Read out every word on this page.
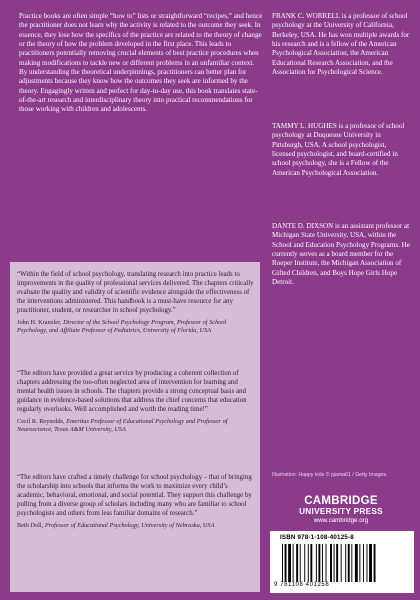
Practice books are often simple “how to” lists or straightforward “recipes,” and hence the practitioner does not learn why the activity is related to the outcome they seek. In essence, they lose how the specifics of the practice are related to the theory of change or the theory of how the problem developed in the first place. This leads to practitioners potentially removing crucial elements of best practice procedures when making modifications to tackle new or different problems in an unfamiliar context. By understanding the theoretical underpinnings, practitioners can better plan for adjustments because they know how the outcomes they seek are informed by the theory. Engagingly written and perfect for day-to-day use, this book translates state-of-the-art research and interdisciplinary theory into practical recommendations for those working with children and adolescents.
“Within the field of school psychology, translating research into practice leads to improvements in the quality of professional services delivered. The chapters critically evaluate the quality and validity of scientific evidence alongside the effectiveness of the interventions administered. This handbook is a must-have resource for any practitioner, student, or researcher in school psychology.”
John H. Kranzler, Director of the School Psychology Program, Professor of School Psychology, and Affiliate Professor of Pediatrics, University of Florida, USA
“The editors have provided a great service by producing a coherent collection of chapters addressing the too-often neglected area of intervention for learning and mental health issues in schools. The chapters provide a strong conceptual basis and guidance in evidence-based solutions that address the chief concerns that education regularly overlooks. Well accomplished and worth the reading time!”
Cecil R. Reynolds, Emeritus Professor of Educational Psychology and Professor of Neuroscience, Texas A&M University, USA
“The editors have crafted a timely challenge for school psychology – that of bringing the scholarship into schools that informs the work to maximize every child’s academic, behavioral, emotional, and social potential. They support this challenge by pulling from a diverse group of scholars including many who are familiar to school psychologists and others from less familiar domains of research.”
Beth Doll, Professor of Educational Psychology, University of Nebraska, USA
FRANK C. WORRELL is a professor of school psychology at the University of California, Berkeley, USA. He has won multiple awards for his research and is a fellow of the American Psychological Association, the American Educational Research Association, and the Association for Psychological Science.
TAMMY L. HUGHES is a professor of school psychology at Duquesne University in Pittsburgh, USA. A school psychologist, licensed psychologist, and board-certified in school psychology, she is a Fellow of the American Psychological Association.
DANTE D. DIXSON is an assistant professor at Michigan State University, USA, within the School and Education Psychology Programs. He currently serves as a board member for the Roeper Institute, the Michigan Association of Gifted Children, and Boys Hope Girls Hope Detroit.
Illustration: Happy kids © pjama61 / Getty Images.
CAMBRIDGE
UNIVERSITY PRESS
www.cambridge.org
ISBN 978-1-108-40125-8
9 781108 401258
